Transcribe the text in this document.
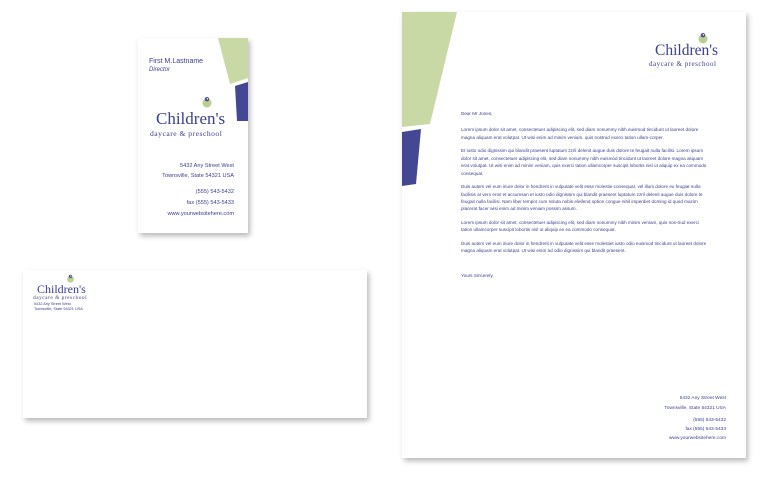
First M.Lastname
Director
Children's
daycare & preschool
5432 Any Street West
Townsville, State 54321 USA
(555) 543-5432
fax (555) 543-5433
www.yourwebsitehere.com
Children's
daycare & preschool
5432 Any Street West
Townsville, State 54321 USA
Children's
daycare & preschool

Dear Mr Jones,

Lorem ipsum dolor sit amet, consectetuer adipiscing elit, sed diam nonummy nibh euismod tincidunt ut laoreet dolore magna aliquam erat volutpat. Ut wisi enim ad minim veniam, quis nostrud exerci tation ullam-corper.

Et iusto odio dignissim qui blandit praesent luptatum zzril delenit augue duis dolore te feugait nulla facilisi. Lorem ipsum dolor sit amet, consectetuer adipiscing elit, sed diam nonummy nibh euismod tincidunt ut laoreet dolore magna aliquam erat volutpat. Ut wisi enim ad minim veniam, quis exerci tation ullamcorper suscipit lobortis nisl ut aliquip ex ea commodo consequat.

Duis autem vel eum iriure dolor in hendrerit in vulputate velit esse molestie consequat, vel illum dolore eu feugiat nulla facilisis at vero eros et accumsan et iusto odio dignissim qui blandit praesent luptatum zzril delenit augue duis dolore te feugait nulla facilisi. Nam liber tempor cum soluta nobis eleifend option congue nihil imperdiet doming id quod mazim placerat facer wisi enim ad minim veniam possim assum.

Lorem ipsum dolor sit amet, consectetuer adipiscing elit, sed diam nonummy nibh minim veniam, quis nos-trud exerci tation ullamcorper suscipit lobortis nisl ut aliquip ex ea commodo consequat.

Duis autem vel eum iriure dolor in hendrerit in vulputate velit esse molestiet iusto odio euismod tincidunt ut laoreet dolore magna aliquam erat volutpat. Ut wisi enim ad odio dignissim qui blandit praesent.

Yours Sincerely,

5432 Any Street West
Townsville, State 54321 USA
(555) 543-5432
fax (555) 543-5433
www.yourwebsitehere.com
